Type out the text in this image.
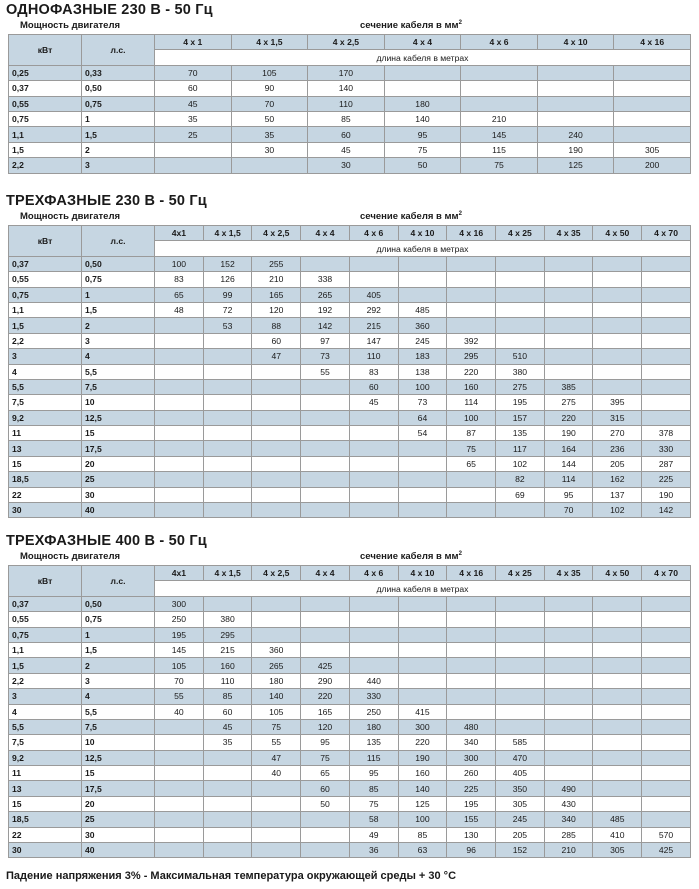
ОДНОФАЗНЫЕ 230 В - 50 Гц
Мощность двигателя	сечение кабеля в $мм^2$
кВт	л.с.	4 x 1	4 x 1,5	4 x 2,5	4 x 4	4 x 6	4 x 10	4 x 16
		длина кабеля в метрах						
0,25	0,33	70	105	170				
0,37	0,50	60	90	140				
0,55	0,75	45	70	110	180			
0,75	1	35	50	85	140	210		
1,1	1,5	25	35	60	95	145	240	
1,5	2		30	45	75	115	190	305
2,2	3			30	50	75	125	200
ТРЕХФАЗНЫЕ 230 В - 50 Гц
Мощность двигателя	сечение кабеля в $мм^2$
кВт	л.с.	4x1	4 x 1,5	4 x 2,5	4 x 4	4 x 6	4 x 10	4 x 16	4 x 25	4 x 35	4 x 50	4 x 70
		длина кабеля в метрах										
0,37	0,50	100	152	255								
0,55	0,75	83	126	210	338							
0,75	1	65	99	165	265	405						
1,1	1,5	48	72	120	192	292	485					
1,5	2		53	88	142	215	360					
2,2	3			60	97	147	245	392				
3	4			47	73	110	183	295	510			
4	5,5				55	83	138	220	380			
5,5	7,5					60	100	160	275	385		
7,5	10					45	73	114	195	275	395	
9,2	12,5						64	100	157	220	315	
11	15						54	87	135	190	270	378
13	17,5							75	117	164	236	330
15	20							65	102	144	205	287
18,5	25								82	114	162	225
22	30								69	95	137	190
30	40									70	102	142
ТРЕХФАЗНЫЕ 400 В - 50 Гц
Мощность двигателя	сечение кабеля в $мм^2$
кВт	л.с.	4x1	4 x 1,5	4 x 2,5	4 x 4	4 x 6	4 x 10	4 x 16	4 x 25	4 x 35	4 x 50	4 x 70
		длина кабеля в метрах										
0,37	0,50	300										
0,55	0,75	250	380									
0,75	1	195	295									
1,1	1,5	145	215	360								
1,5	2	105	160	265	425							
2,2	3	70	110	180	290	440						
3	4	55	85	140	220	330						
4	5,5	40	60	105	165	250	415					
5,5	7,5		45	75	120	180	300	480				
7,5	10		35	55	95	135	220	340	585			
9,2	12,5			47	75	115	190	300	470			
11	15			40	65	95	160	260	405			
13	17,5				60	85	140	225	350	490		
15	20				50	75	125	195	305	430		
18,5	25					58	100	155	245	340	485	
22	30					49	85	130	205	285	410	570
30	40					36	63	96	152	210	305	425
Падение напряжения 3% - Максимальная температура окружающей среды + 30 °C
